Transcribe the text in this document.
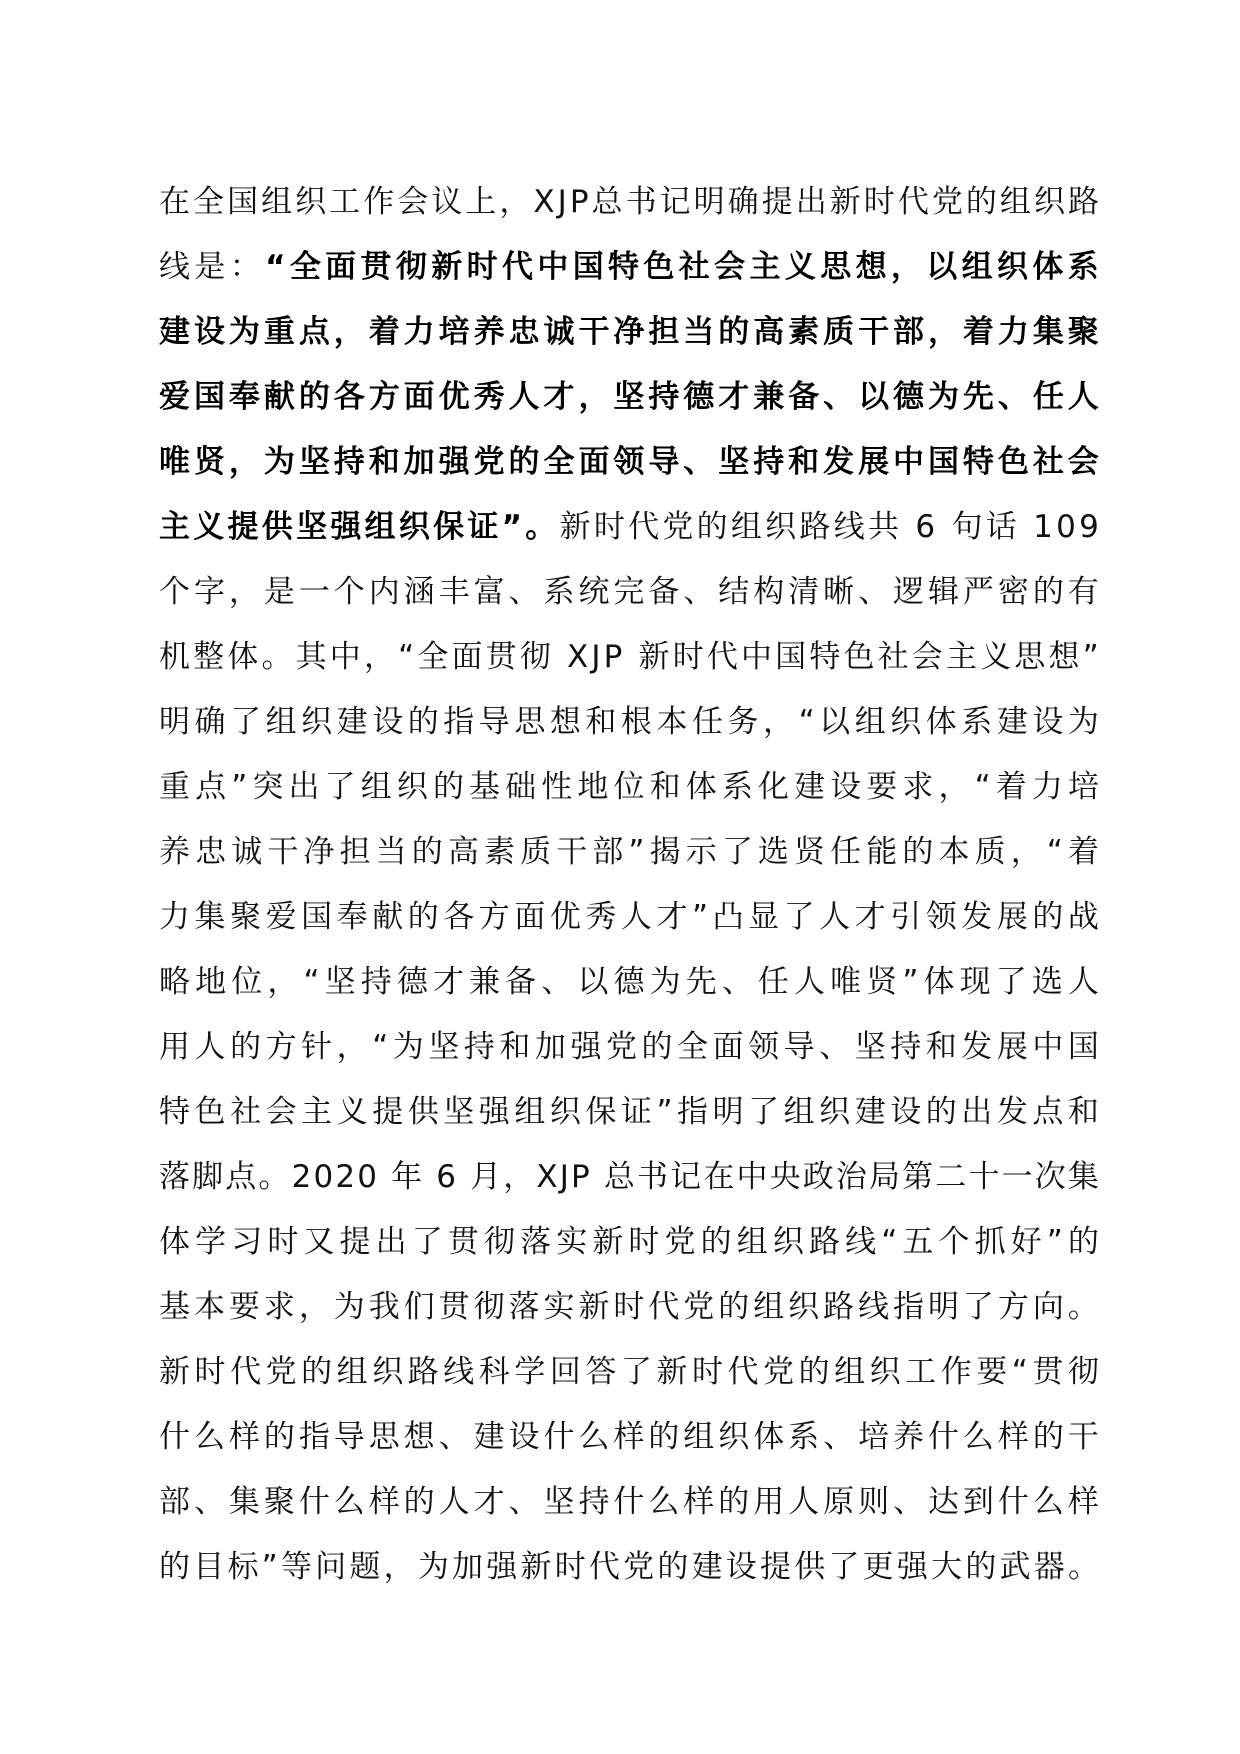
在 全 国 组 织 工 作 会 议 上 ， X J P 总 书 记 明 确 提 出 新 时 代 党 的 组 织 路
线 是 ： “ 全 面 贯 彻 新 时 代 中 国 特 色 社 会 主 义 思 想 ， 以 组 织 体 系
建 设 为 重 点 ， 着 力 培 养 忠 诚 干 净 担 当 的 高 素 质 干 部 ， 着 力 集 聚
爱 国 奉 献 的 各 方 面 优 秀 人 才 ， 坚 持 德 才 兼 备 、 以 德 为 先 、 任 人
唯 贤 ， 为 坚 持 和 加 强 党 的 全 面 领 导 、 坚 持 和 发 展 中 国 特 色 社 会
主 义 提 供 坚 强 组 织 保 证 ” 。 新 时 代 党 的 组 织 路 线 共
6
句 话
1 0 9
个 字 ， 是 一 个 内 涵 丰 富 、 系 统 完 备 、 结 构 清 晰 、 逻 辑 严 密 的 有
机 整 体 。 其 中 ， “ 全 面 贯 彻
X J P
新 时 代 中 国 特 色 社 会 主 义 思 想 ”
明 确 了 组 织 建 设 的 指 导 思 想 和 根 本 任 务 ， “ 以 组 织 体 系 建 设 为
重 点 ” 突 出 了 组 织 的 基 础 性 地 位 和 体 系 化 建 设 要 求 ， “ 着 力 培
养 忠 诚 干 净 担 当 的 高 素 质 干 部 ” 揭 示 了 选 贤 任 能 的 本 质 ， “ 着
力 集 聚 爱 国 奉 献 的 各 方 面 优 秀 人 才 ” 凸 显 了 人 才 引 领 发 展 的 战
略 地 位 ， “ 坚 持 德 才 兼 备 、 以 德 为 先 、 任 人 唯 贤 ” 体 现 了 选 人
用 人 的 方 针 ， “ 为 坚 持 和 加 强 党 的 全 面 领 导 、 坚 持 和 发 展 中 国
特 色 社 会 主 义 提 供 坚 强 组 织 保 证 ” 指 明 了 组 织 建 设 的 出 发 点 和
落 脚 点 。 2 0 2 0
年
6
月 ， X J P
总 书 记 在 中 央 政 治 局 第 二 十 一 次 集
体 学 习 时 又 提 出 了 贯 彻 落 实 新 时 党 的 组 织 路 线 “ 五 个 抓 好 ” 的
基 本 要 求 ， 为 我 们 贯 彻 落 实 新 时 代 党 的 组 织 路 线 指 明 了 方 向 。
新 时 代 党 的 组 织 路 线 科 学 回 答 了 新 时 代 党 的 组 织 工 作 要 “ 贯 彻
什 么 样 的 指 导 思 想 、 建 设 什 么 样 的 组 织 体 系 、 培 养 什 么 样 的 干
部 、 集 聚 什 么 样 的 人 才 、 坚 持 什 么 样 的 用 人 原 则 、 达 到 什 么 样
的 目 标 ” 等 问 题 ， 为 加 强 新 时 代 党 的 建 设 提 供 了 更 强 大 的 武 器 。
